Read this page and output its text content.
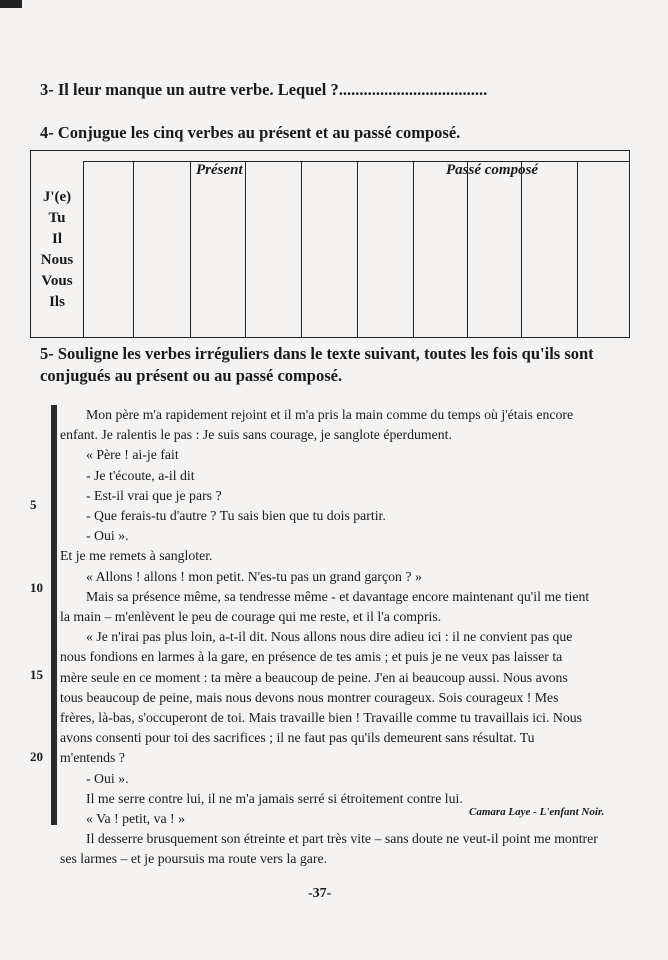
3- Il leur manque un autre verbe. Lequel ?....................................
4- Conjugue les cinq verbes au présent et au passé composé.
Présent	Passé composé
J'(e)
Tu
Il
Nous
Vous
Ils
5- Souligne les verbes irréguliers dans le texte suivant, toutes les fois qu'ils sont conjugués au présent ou au passé composé.
5
10
15
20

Mon père m'a rapidement rejoint et il m'a pris la main comme du temps où j'étais encore

enfant. Je ralentis le pas : Je suis sans courage, je sanglote éperdument.

« Père ! ai-je fait

- Je t'écoute, a-il dit

- Est-il vrai que je pars ?

- Que ferais-tu d'autre ? Tu sais bien que tu dois partir.

- Oui ».

Et je me remets à sangloter.

« Allons ! allons ! mon petit. N'es-tu pas un grand garçon ? »

Mais sa présence même, sa tendresse même - et davantage encore maintenant qu'il me tient

la main – m'enlèvent le peu de courage qui me reste, et il l'a compris.

« Je n'irai pas plus loin, a-t-il dit. Nous allons nous dire adieu ici : il ne convient pas que

nous fondions en larmes à la gare, en présence de tes amis ; et puis je ne veux pas laisser ta

mère seule en ce moment : ta mère a beaucoup de peine. J'en ai beaucoup aussi. Nous avons

tous beaucoup de peine, mais nous devons nous montrer courageux. Sois courageux ! Mes

frères, là-bas, s'occuperont de toi. Mais travaille bien ! Travaille comme tu travaillais ici. Nous

avons consenti pour toi des sacrifices ; il ne faut pas qu'ils demeurent sans résultat. Tu

m'entends ?

- Oui ».

Il me serre contre lui, il ne m'a jamais serré si étroitement contre lui.

« Va ! petit, va ! »

Il desserre brusquement son étreinte et part très vite – sans doute ne veut-il point me montrer

ses larmes – et je poursuis ma route vers la gare.

Camara Laye - L'enfant Noir.
-37-
